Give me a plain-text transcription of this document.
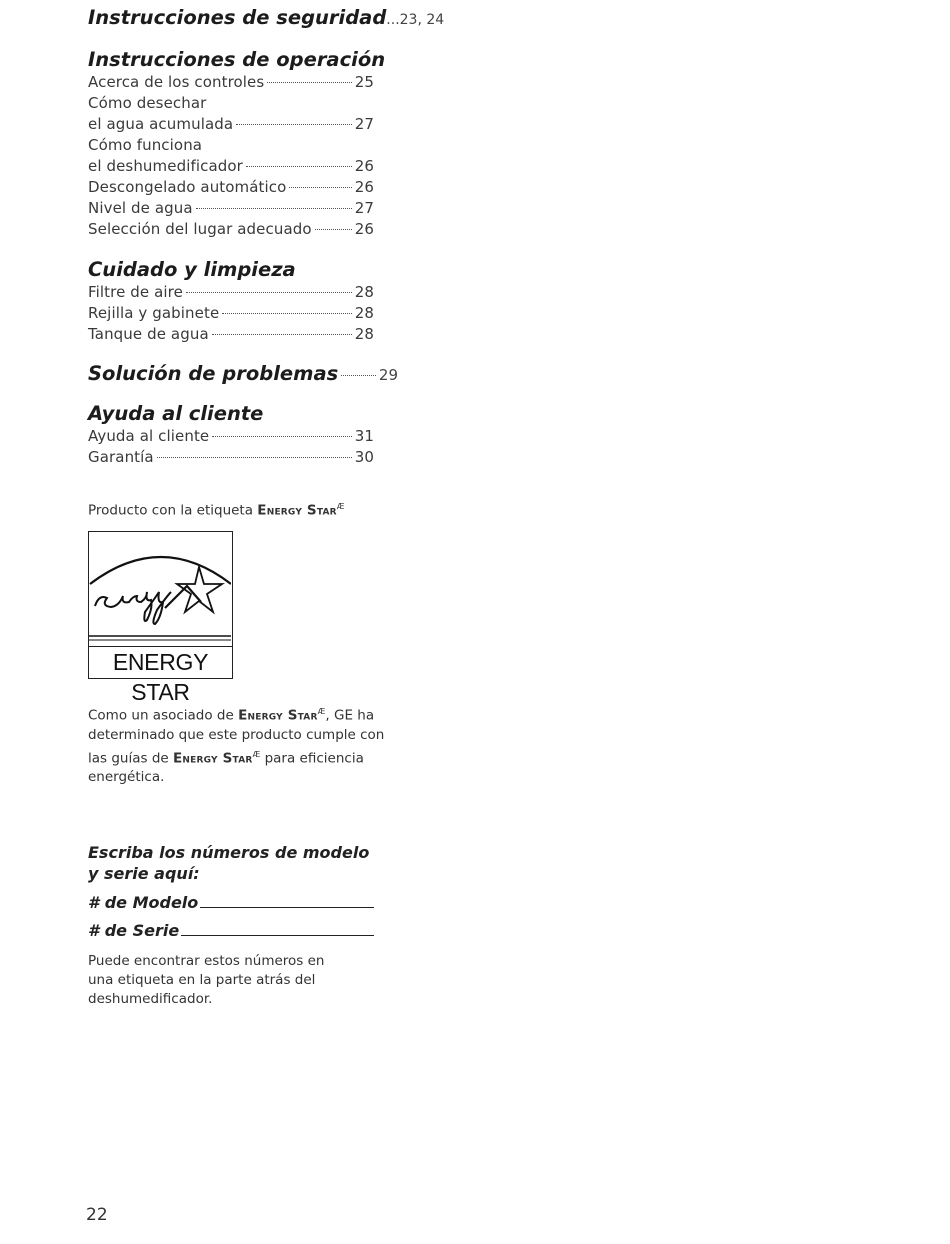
Instrucciones de seguridad...23, 24
Instrucciones de operación
Acerca de los controles	25
Cómo desechar
el agua acumulada	27
Cómo funciona
el deshumedificador	26
Descongelado automático	26
Nivel de agua	27
Selección del lugar adecuado	26
Cuidado y limpieza
Filtre de aire	28
Rejilla y gabinete	28
Tanque de agua	28
Solución de problemas	29
Ayuda al cliente
Ayuda al cliente	31
Garantía	30
Producto con la etiqueta Energy Star$^Æ$
Como un asociado de Energy Star$^Æ$, GE ha determinado que este producto cumple con las guías de Energy Star$^Æ$ para eficiencia energética.
Escriba los números de modelo
y serie aquí:
# de Modelo
# de Serie
Puede encontrar estos números en una etiqueta en la parte atrás del deshumedificador.
ENERGY STAR
22
